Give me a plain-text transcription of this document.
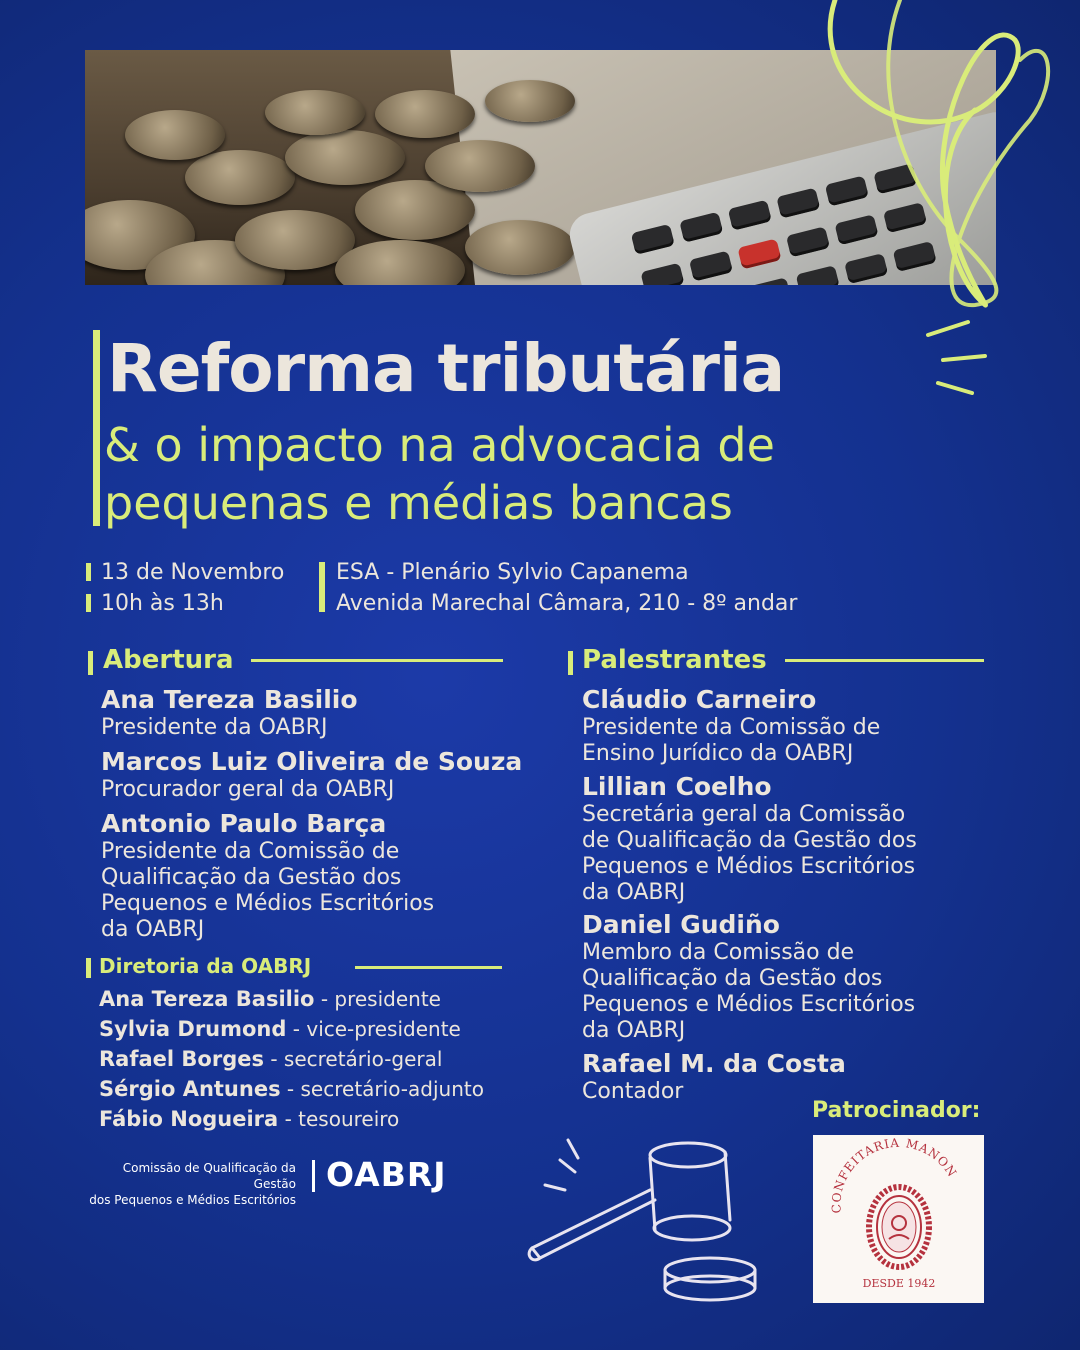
Reforma tributária
& o impacto na advocacia de
pequenas e médias bancas
13 de Novembro
10h às 13h
ESA - Plenário Sylvio Capanema
Avenida Marechal Câmara, 210 - 8º andar
Abertura
Ana Tereza Basilio
Presidente da OABRJ
Marcos Luiz Oliveira de Souza
Procurador geral da OABRJ
Antonio Paulo Barça
Presidente da Comissão de
Qualificação da Gestão dos
Pequenos e Médios Escritórios
da OABRJ
Diretoria da OABRJ
Ana Tereza Basilio - presidente
Sylvia Drumond - vice-presidente
Rafael Borges - secretário-geral
Sérgio Antunes - secretário-adjunto
Fábio Nogueira - tesoureiro
Palestrantes
Cláudio Carneiro
Presidente da Comissão de
Ensino Jurídico da OABRJ
Lillian Coelho
Secretária geral da Comissão
de Qualificação da Gestão dos
Pequenos e Médios Escritórios
da OABRJ
Daniel Gudiño
Membro da Comissão de
Qualificação da Gestão dos
Pequenos e Médios Escritórios
da OABRJ
Rafael M. da Costa
Contador
Comissão de Qualificação da Gestão
dos Pequenos e Médios Escritórios
OABRJ
Patrocinador:
CONFEITARIA MANON
DESDE 1942
